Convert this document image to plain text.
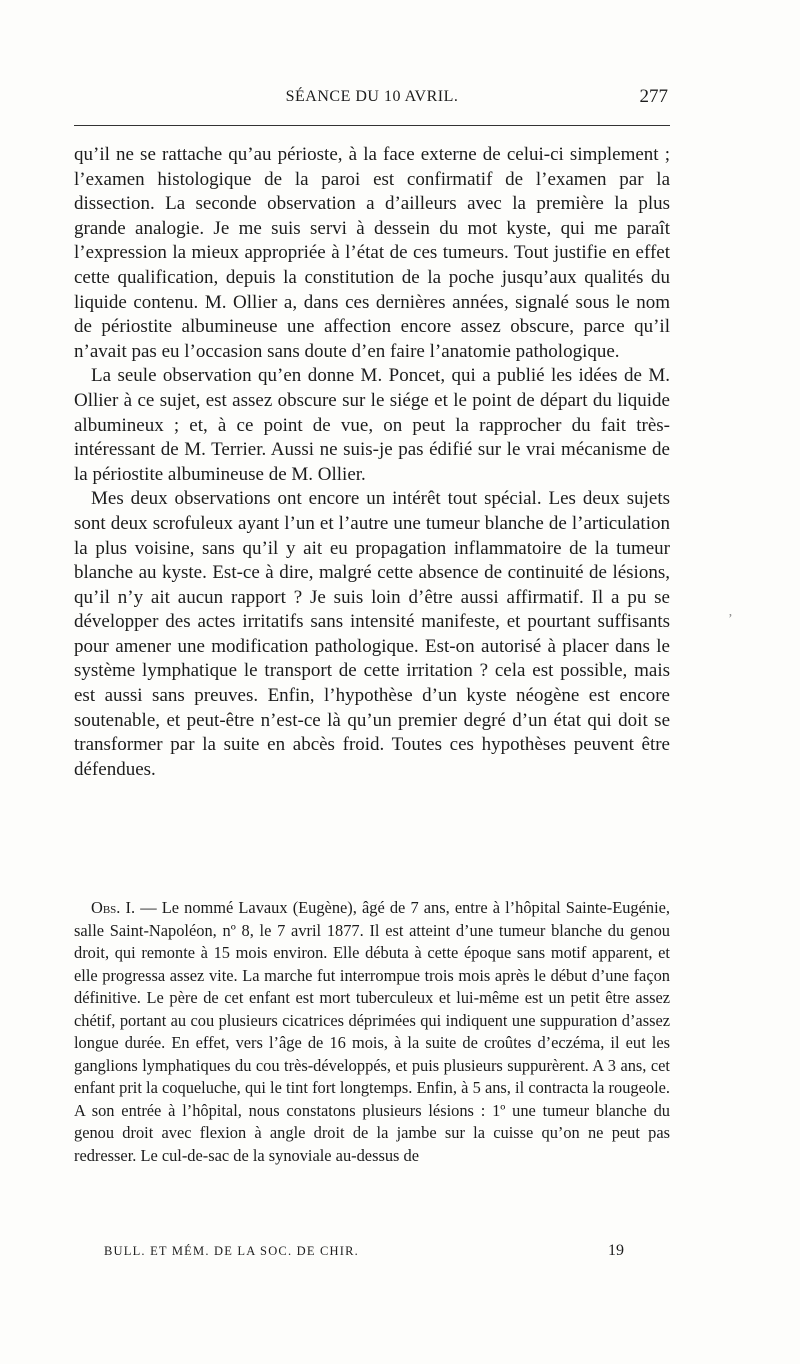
SÉANCE DU 10 AVRIL.	277

qu’il ne se rattache qu’au périoste, à la face externe de celui-ci simplement ; l’examen histologique de la paroi est confirmatif de l’examen par la dissection. La seconde observation a d’ailleurs avec la première la plus grande analogie. Je me suis servi à dessein du mot kyste, qui me paraît l’expression la mieux appropriée à l’état de ces tumeurs. Tout justifie en effet cette qualification, depuis la constitution de la poche jusqu’aux qualités du liquide contenu. M. Ollier a, dans ces dernières années, signalé sous le nom de périostite albumineuse une affection encore assez obscure, parce qu’il n’avait pas eu l’occasion sans doute d’en faire l’anatomie pathologique.

La seule observation qu’en donne M. Poncet, qui a publié les idées de M. Ollier à ce sujet, est assez obscure sur le siége et le point de départ du liquide albumineux ; et, à ce point de vue, on peut la rapprocher du fait très-intéressant de M. Terrier. Aussi ne suis-je pas édifié sur le vrai mécanisme de la périostite albumineuse de M. Ollier.

Mes deux observations ont encore un intérêt tout spécial. Les deux sujets sont deux scrofuleux ayant l’un et l’autre une tumeur blanche de l’articulation la plus voisine, sans qu’il y ait eu propagation inflammatoire de la tumeur blanche au kyste. Est-ce à dire, malgré cette absence de continuité de lésions, qu’il n’y ait aucun rapport ? Je suis loin d’être aussi affirmatif. Il a pu se développer des actes irritatifs sans intensité manifeste, et pourtant suffisants pour amener une modification pathologique. Est-on autorisé à placer dans le système lymphatique le transport de cette irritation ? cela est possible, mais est aussi sans preuves. Enfin, l’hypothèse d’un kyste néogène est encore soutenable, et peut-être n’est-ce là qu’un premier degré d’un état qui doit se transformer par la suite en abcès froid. Toutes ces hypothèses peuvent être défendues.

Obs. I. — Le nommé Lavaux (Eugène), âgé de 7 ans, entre à l’hôpital Sainte-Eugénie, salle Saint-Napoléon, nº 8, le 7 avril 1877. Il est atteint d’une tumeur blanche du genou droit, qui remonte à 15 mois environ. Elle débuta à cette époque sans motif apparent, et elle progressa assez vite. La marche fut interrompue trois mois après le début d’une façon définitive. Le père de cet enfant est mort tuberculeux et lui-même est un petit être assez chétif, portant au cou plusieurs cicatrices déprimées qui indiquent une suppuration d’assez longue durée. En effet, vers l’âge de 16 mois, à la suite de croûtes d’eczéma, il eut les ganglions lymphatiques du cou très-développés, et puis plusieurs suppurèrent. A 3 ans, cet enfant prit la coqueluche, qui le tint fort longtemps. Enfin, à 5 ans, il contracta la rougeole. A son entrée à l’hôpital, nous constatons plusieurs lésions : 1º une tumeur blanche du genou droit avec flexion à angle droit de la jambe sur la cuisse qu’on ne peut pas redresser. Le cul-de-sac de la synoviale au-dessus de

BULL. ET MÉM. DE LA SOC. DE CHIR.	19
’
